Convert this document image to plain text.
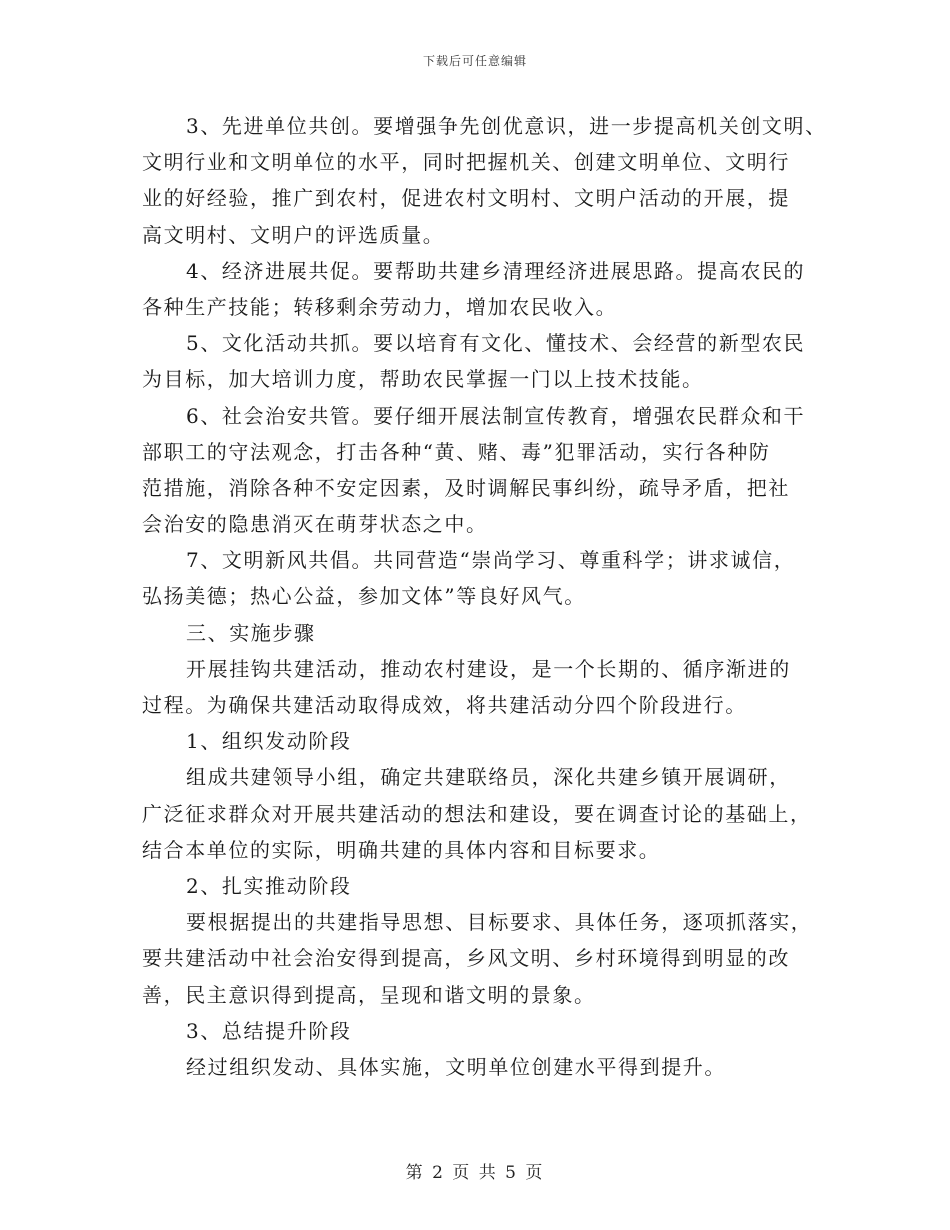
下载后可任意编辑
3、先进单位共创。要增强争先创优意识，进一步提高机关创文明、
文明行业和文明单位的水平，同时把握机关、创建文明单位、文明行
业的好经验，推广到农村，促进农村文明村、文明户活动的开展，提
高文明村、文明户的评选质量。
4、经济进展共促。要帮助共建乡清理经济进展思路。提高农民的
各种生产技能；转移剩余劳动力，增加农民收入。
5、文化活动共抓。要以培育有文化、懂技术、会经营的新型农民
为目标，加大培训力度，帮助农民掌握一门以上技术技能。
6、社会治安共管。要仔细开展法制宣传教育，增强农民群众和干
部职工的守法观念，打击各种“黄、赌、毒”犯罪活动，实行各种防
范措施，消除各种不安定因素，及时调解民事纠纷，疏导矛盾，把社
会治安的隐患消灭在萌芽状态之中。
7、文明新风共倡。共同营造“崇尚学习、尊重科学；讲求诚信，
弘扬美德；热心公益，参加文体”等良好风气。
三、实施步骤
开展挂钩共建活动，推动农村建设，是一个长期的、循序渐进的
过程。为确保共建活动取得成效，将共建活动分四个阶段进行。
1、组织发动阶段
组成共建领导小组，确定共建联络员，深化共建乡镇开展调研，
广泛征求群众对开展共建活动的想法和建设，要在调查讨论的基础上，
结合本单位的实际，明确共建的具体内容和目标要求。
2、扎实推动阶段
要根据提出的共建指导思想、目标要求、具体任务，逐项抓落实，
要共建活动中社会治安得到提高，乡风文明、乡村环境得到明显的改
善，民主意识得到提高，呈现和谐文明的景象。
3、总结提升阶段
经过组织发动、具体实施，文明单位创建水平得到提升。
第 2 页 共 5 页
